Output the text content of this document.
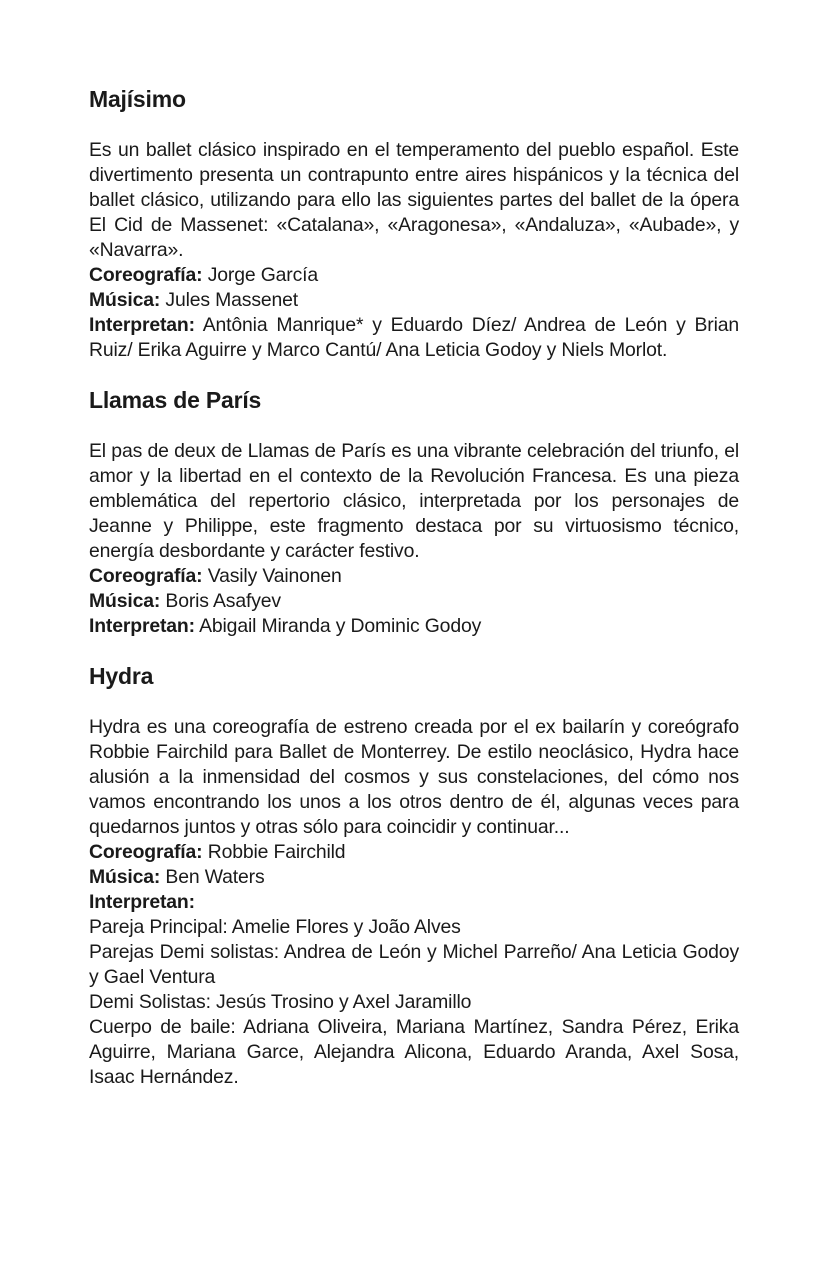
Majísimo

Es un ballet clásico inspirado en el temperamento del pueblo español. Este divertimento presenta un contrapunto entre aires hispánicos y la técnica del ballet clásico, utilizando para ello las siguientes partes del ballet de la ópera El Cid de Massenet: «Catalana», «Aragonesa», «Andaluza», «Aubade», y «Navarra».

Coreografía: Jorge García

Música: Jules Massenet

Interpretan: Antônia Manrique* y Eduardo Díez/ Andrea de León y Brian Ruiz/ Erika Aguirre y Marco Cantú/ Ana Leticia Godoy y Niels Morlot.

Llamas de París

El pas de deux de Llamas de París es una vibrante celebración del triunfo, el amor y la libertad en el contexto de la Revolución Francesa. Es una pieza emblemática del repertorio clásico, interpretada por los personajes de Jeanne y Philippe, este fragmento destaca por su virtuosismo técnico, energía desbordante y carácter festivo.

Coreografía: Vasily Vainonen

Música: Boris Asafyev

Interpretan: Abigail Miranda y Dominic Godoy

Hydra

Hydra es una coreografía de estreno creada por el ex bailarín y coreógrafo Robbie Fairchild para Ballet de Monterrey. De estilo neoclásico, Hydra hace alusión a la inmensidad del cosmos y sus constelaciones, del cómo nos vamos encontrando los unos a los otros dentro de él, algunas veces para quedarnos juntos y otras sólo para coincidir y continuar...

Coreografía: Robbie Fairchild

Música: Ben Waters

Interpretan:

Pareja Principal: Amelie Flores y João Alves

Parejas Demi solistas: Andrea de León y Michel Parreño/ Ana Leticia Godoy y Gael Ventura

Demi Solistas: Jesús Trosino y Axel Jaramillo

Cuerpo de baile: Adriana Oliveira, Mariana Martínez, Sandra Pérez, Erika Aguirre, Mariana Garce, Alejandra Alicona, Eduardo Aranda, Axel Sosa, Isaac Hernández.
